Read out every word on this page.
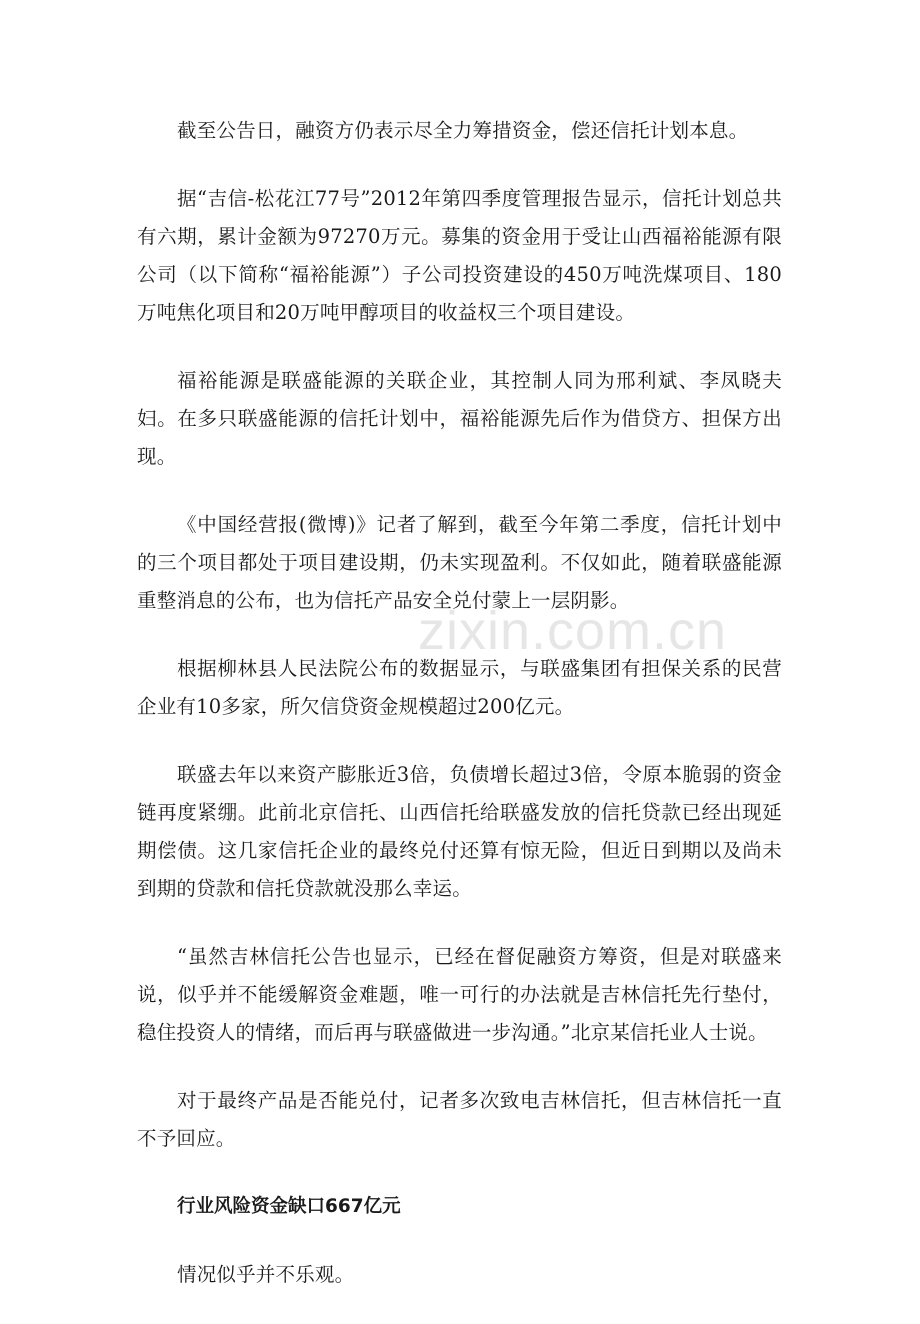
截至公告日，融资方仍表示尽全力筹措资金，偿还信托计划本息。

据“吉信-松花江77号”2012年第四季度管理报告显示，信托计划总共有六期，累计金额为97270万元。募集的资金用于受让山西福裕能源有限公司（以下简称“福裕能源”）子公司投资建设的450万吨洗煤项目、180万吨焦化项目和20万吨甲醇项目的收益权三个项目建设。

福裕能源是联盛能源的关联企业，其控制人同为邢利斌、李凤晓夫妇。在多只联盛能源的信托计划中，福裕能源先后作为借贷方、担保方出现。

《中国经营报(微博)》记者了解到，截至今年第二季度，信托计划中的三个项目都处于项目建设期，仍未实现盈利。不仅如此，随着联盛能源重整消息的公布，也为信托产品安全兑付蒙上一层阴影。

根据柳林县人民法院公布的数据显示，与联盛集团有担保关系的民营企业有10多家，所欠信贷资金规模超过200亿元。

联盛去年以来资产膨胀近3倍，负债增长超过3倍，令原本脆弱的资金链再度紧绷。此前北京信托、山西信托给联盛发放的信托贷款已经出现延期偿债。这几家信托企业的最终兑付还算有惊无险，但近日到期以及尚未到期的贷款和信托贷款就没那么幸运。

“虽然吉林信托公告也显示，已经在督促融资方筹资，但是对联盛来说，似乎并不能缓解资金难题，唯一可行的办法就是吉林信托先行垫付，稳住投资人的情绪，而后再与联盛做进一步沟通。”北京某信托业人士说。

对于最终产品是否能兑付，记者多次致电吉林信托，但吉林信托一直不予回应。

行业风险资金缺口667亿元

情况似乎并不乐观。

zixin.com.cn
